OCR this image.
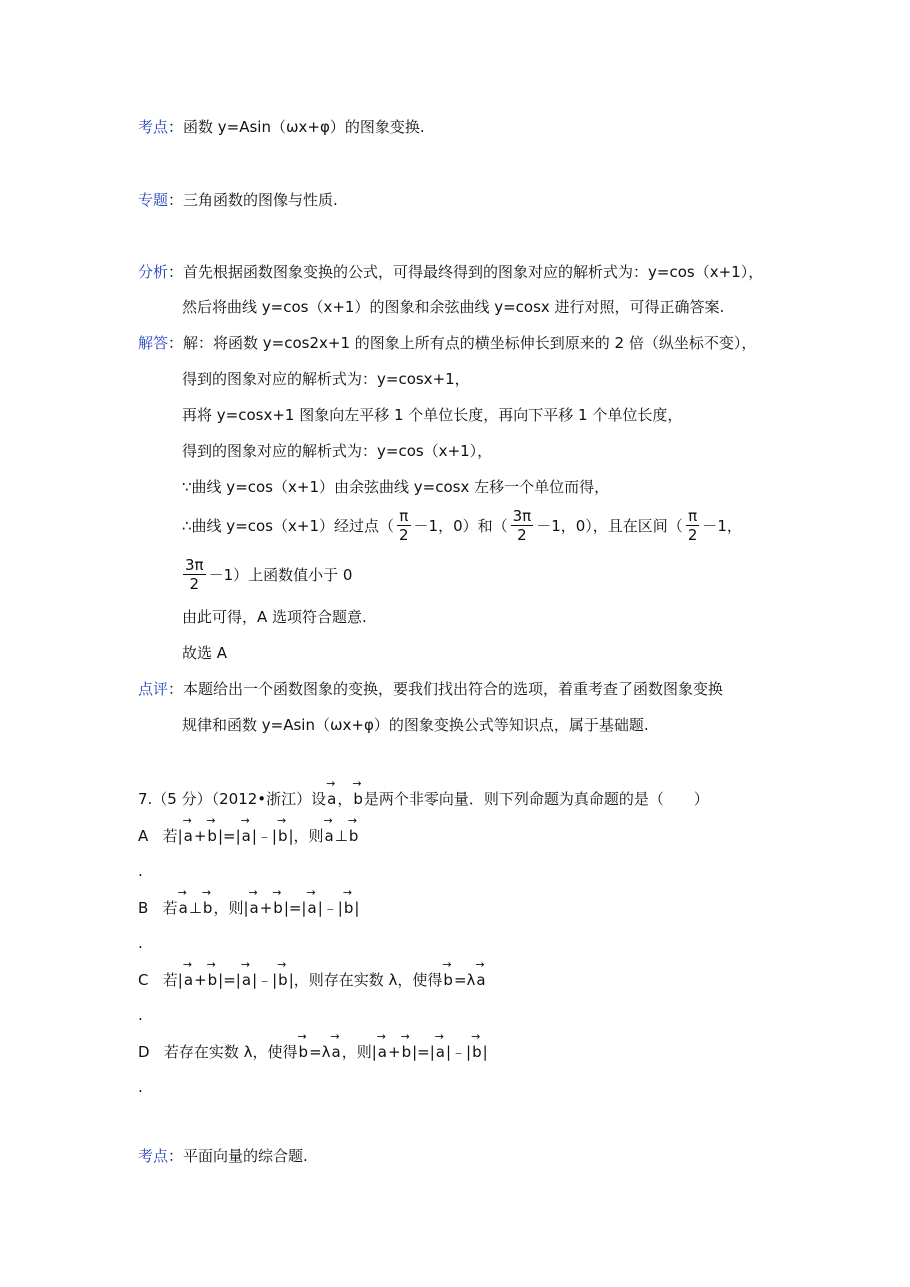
考点：函数 y=Asin（ωx+φ）的图象变换.
专题：三角函数的图像与性质.
分析：首先根据函数图象变换的公式，可得最终得到的图象对应的解析式为：y=cos（x+1），
然后将曲线 y=cos（x+1）的图象和余弦曲线 y=cosx 进行对照，可得正确答案.
解答：解：将函数 y=cos2x+1 的图象上所有点的横坐标伸长到原来的 2 倍（纵坐标不变），
得到的图象对应的解析式为：y=cosx+1，
再将 y=cosx+1 图象向左平移 1 个单位长度，再向下平移 1 个单位长度，
得到的图象对应的解析式为：y=cos（x+1），
∵曲线 y=cos（x+1）由余弦曲线 y=cosx 左移一个单位而得，
∴曲线 y=cos（x+1）经过点（ $\frac{\pi}{2} -1$，0）和（ $\frac{3\pi}{2} -1$，0），且在区间（ $\frac{\pi}{2} -1$，
$\frac{3\pi}{2} -1$）上函数值小于 0
由此可得，A 选项符合题意.
故选 A
点评：本题给出一个函数图象的变换，要我们找出符合的选项，着重考查了函数图象变换
规律和函数 y=Asin（ωx+φ）的图象变换公式等知识点，属于基础题.
7.（5 分）（2012•浙江）设→ a，→ b是两个非零向量．则下列命题为真命题的是（　　）
A 若|→ a+→ b|=|→ a|﹣|→ b|，则→ a⊥→ b
.
B 若→ a⊥→ b，则|→ a+→ b|=|→ a|﹣|→ b|
.
C 若|→ a+→ b|=|→ a|﹣|→ b|，则存在实数 λ，使得→ b=λ→ a
.
D 若存在实数 λ，使得→ b=λ→ a，则|→ a+→ b|=|→ a|﹣|→ b|
.
考点：平面向量的综合题.
